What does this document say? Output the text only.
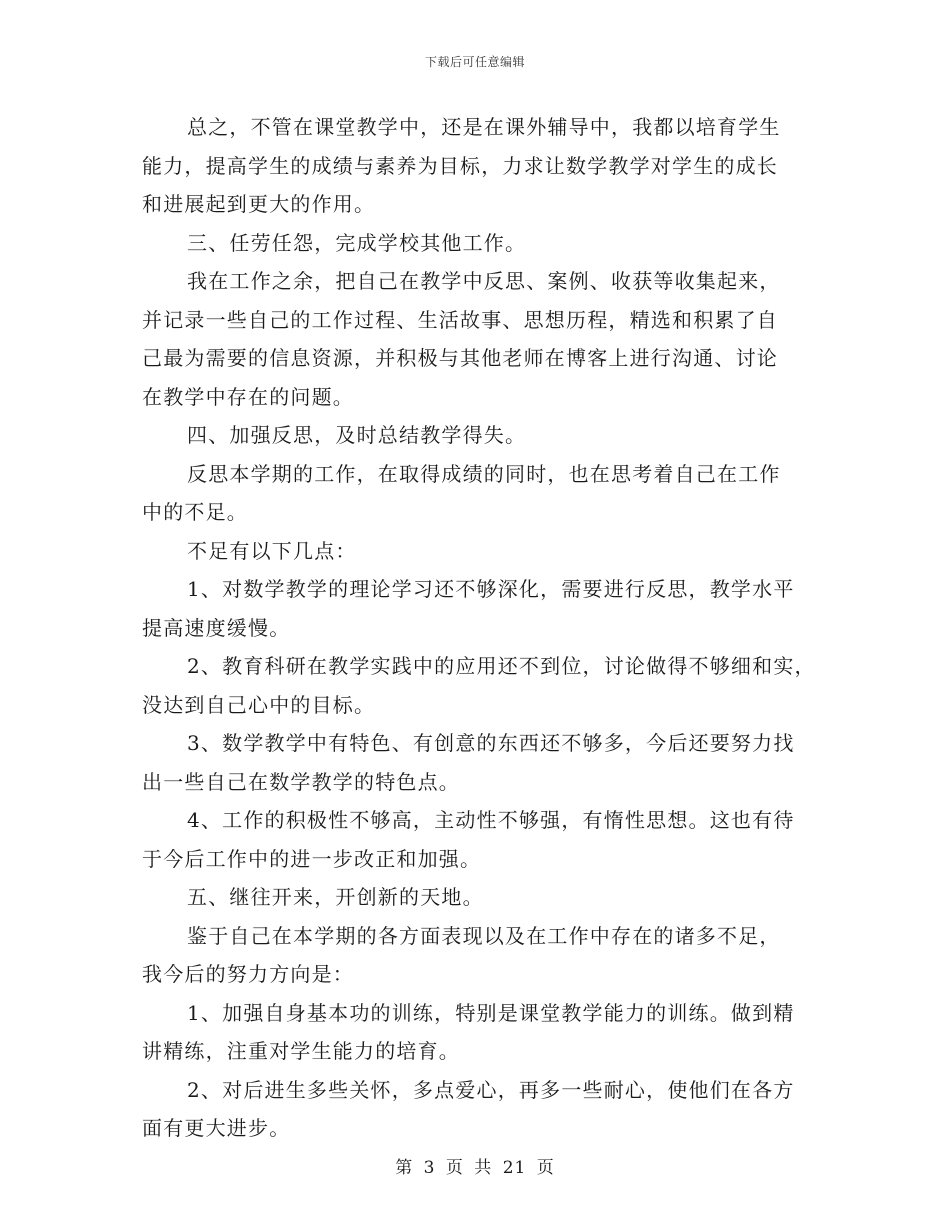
下载后可任意编辑
总之，不管在课堂教学中，还是在课外辅导中，我都以培育学生
能力，提高学生的成绩与素养为目标，力求让数学教学对学生的成长
和进展起到更大的作用。
三、任劳任怨，完成学校其他工作。
我在工作之余，把自己在教学中反思、案例、收获等收集起来，
并记录一些自己的工作过程、生活故事、思想历程，精选和积累了自
己最为需要的信息资源，并积极与其他老师在博客上进行沟通、讨论
在教学中存在的问题。
四、加强反思，及时总结教学得失。
反思本学期的工作，在取得成绩的同时，也在思考着自己在工作
中的不足。
不足有以下几点：
1、对数学教学的理论学习还不够深化，需要进行反思，教学水平
提高速度缓慢。
2、教育科研在教学实践中的应用还不到位，讨论做得不够细和实，
没达到自己心中的目标。
3、数学教学中有特色、有创意的东西还不够多，今后还要努力找
出一些自己在数学教学的特色点。
4、工作的积极性不够高，主动性不够强，有惰性思想。这也有待
于今后工作中的进一步改正和加强。
五、继往开来，开创新的天地。
鉴于自己在本学期的各方面表现以及在工作中存在的诸多不足，
我今后的努力方向是：
1、加强自身基本功的训练，特别是课堂教学能力的训练。做到精
讲精练，注重对学生能力的培育。
2、对后进生多些关怀，多点爱心，再多一些耐心，使他们在各方
面有更大进步。
第 3 页 共 21 页
